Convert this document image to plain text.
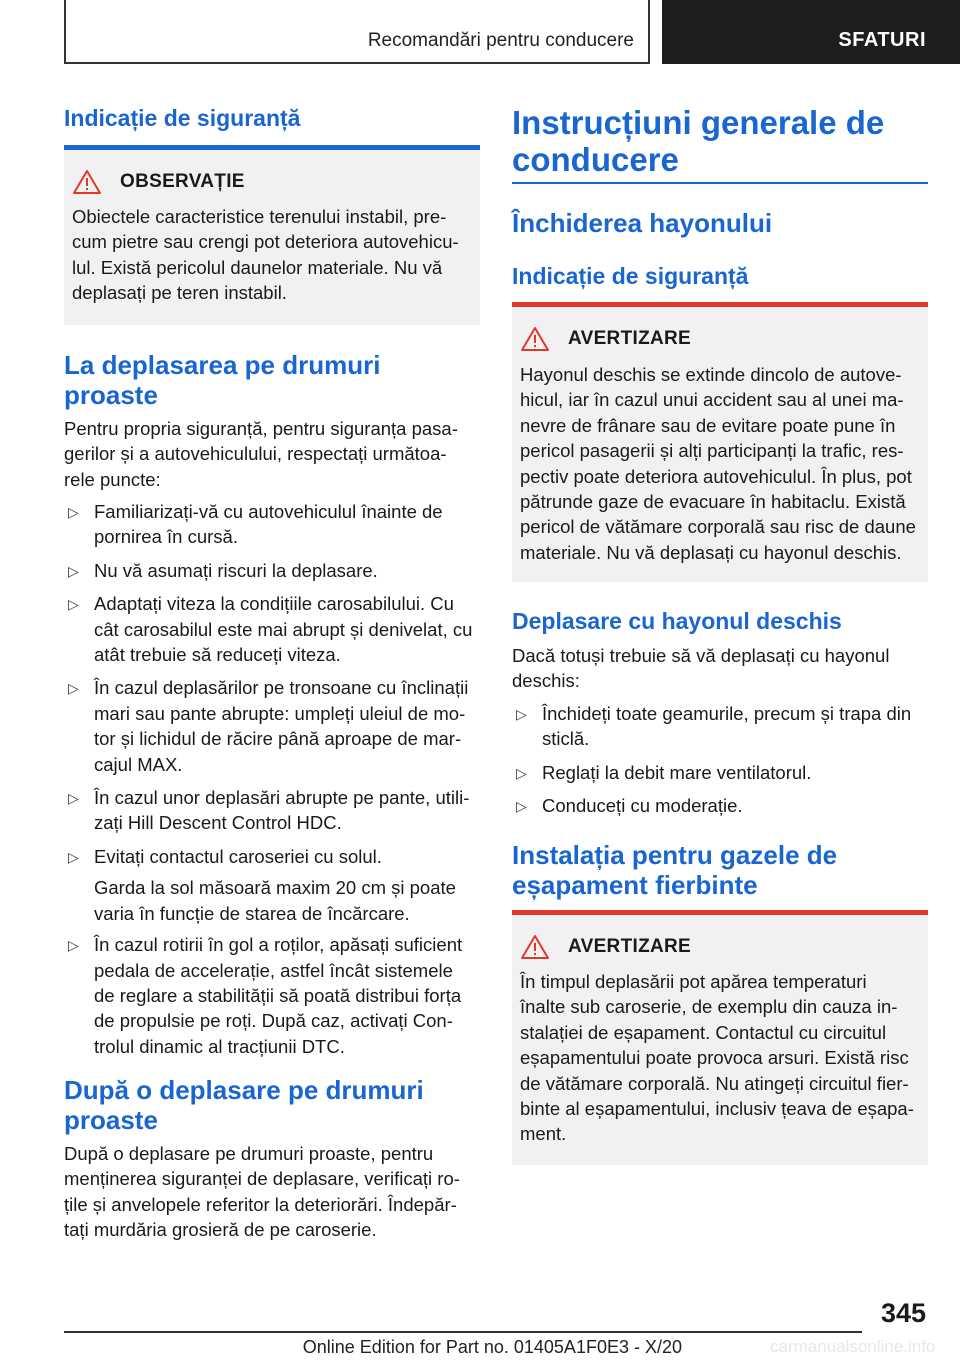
Recomandări pentru conducere	SFATURI
Indicație de siguranță
OBSERVAȚIE
Obiectele caracteristice terenului instabil, pre-
cum pietre sau crengi pot deteriora autovehicu-
lul. Există pericolul daunelor materiale. Nu vă
deplasați pe teren instabil.
La deplasarea pe drumuri
proaste
Pentru propria siguranță, pentru siguranța pasa-
gerilor și a autovehiculului, respectați următoa-
rele puncte:
▷ Familiarizați-vă cu autovehiculul înainte de
pornirea în cursă.
▷ Nu vă asumați riscuri la deplasare.
▷ Adaptați viteza la condițiile carosabilului. Cu
cât carosabilul este mai abrupt și denivelat, cu
atât trebuie să reduceți viteza.
▷ În cazul deplasărilor pe tronsoane cu înclinații
mari sau pante abrupte: umpleți uleiul de mo-
tor și lichidul de răcire până aproape de mar-
cajul MAX.
▷ În cazul unor deplasări abrupte pe pante, utili-
zați Hill Descent Control HDC.
▷ Evitați contactul caroseriei cu solul.
Garda la sol măsoară maxim 20 cm și poate
varia în funcție de starea de încărcare.
▷ În cazul rotirii în gol a roților, apăsați suficient
pedala de accelerație, astfel încât sistemele
de reglare a stabilității să poată distribui forța
de propulsie pe roți. După caz, activați Con-
trolul dinamic al tracțiunii DTC.
După o deplasare pe drumuri
proaste
După o deplasare pe drumuri proaste, pentru
menținerea siguranței de deplasare, verificați ro-
țile și anvelopele referitor la deteriorări. Îndepăr-
tați murdăria grosieră de pe caroserie.
Instrucțiuni generale de
conducere
Închiderea hayonului
Indicație de siguranță
AVERTIZARE
Hayonul deschis se extinde dincolo de autove-
hicul, iar în cazul unui accident sau al unei ma-
nevre de frânare sau de evitare poate pune în
pericol pasagerii și alți participanți la trafic, res-
pectiv poate deteriora autovehiculul. În plus, pot
pătrunde gaze de evacuare în habitaclu. Există
pericol de vătămare corporală sau risc de daune
materiale. Nu vă deplasați cu hayonul deschis.
Deplasare cu hayonul deschis
Dacă totuși trebuie să vă deplasați cu hayonul
deschis:
▷ Închideți toate geamurile, precum și trapa din
sticlă.
▷ Reglați la debit mare ventilatorul.
▷ Conduceți cu moderație.
Instalația pentru gazele de
eșapament fierbinte
AVERTIZARE
În timpul deplasării pot apărea temperaturi
înalte sub caroserie, de exemplu din cauza in-
stalației de eșapament. Contactul cu circuitul
eșapamentului poate provoca arsuri. Există risc
de vătămare corporală. Nu atingeți circuitul fier-
binte al eșapamentului, inclusiv țeava de eșapa-
ment.
345
Online Edition for Part no. 01405A1F0E3 - X/20	carmanualsonline.info
